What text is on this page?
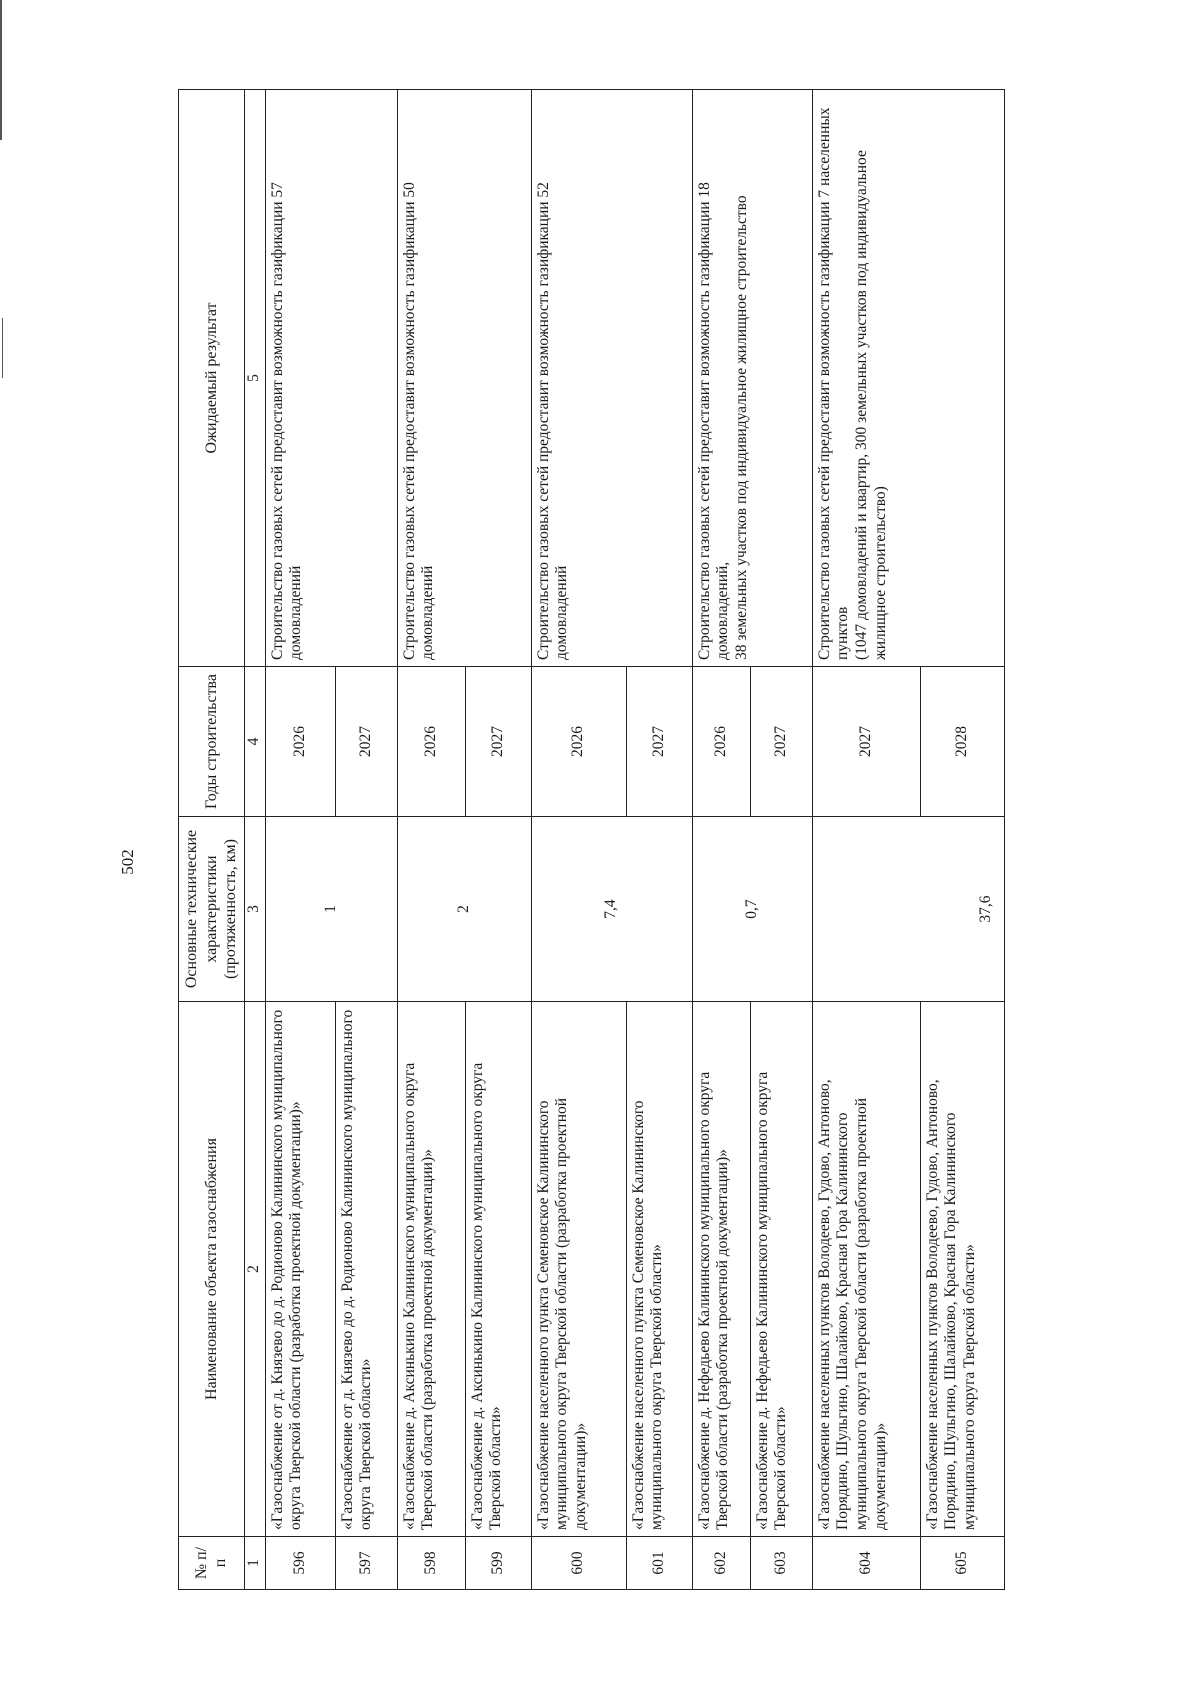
502
№ п/п	Наименование объекта газоснабжения	Основные технические характеристики (протяженность, км)	Годы строительства	Ожидаемый результат
1	2	3	4	5
596	«Газоснабжение от д. Князево до д. Родионово Калининского муниципального округа Тверской области (разработка проектной документации)»	1	2026	Строительство газовых сетей предоставит возможность газификации 57 домовладений
597	«Газоснабжение от д. Князево до д. Родионово Калининского муниципального округа Тверской области»		2027	
598	«Газоснабжение д. Аксинькино Калининского муниципального округа Тверской области (разработка проектной документации)»	2	2026	Строительство газовых сетей предоставит возможность газификации 50 домовладений
599	«Газоснабжение д. Аксинькино Калининского муниципального округа Тверской области»		2027	
600	«Газоснабжение населенного пункта Семеновское Калининского муниципального округа Тверской области (разработка проектной документации)»	7,4	2026	Строительство газовых сетей предоставит возможность газификации 52 домовладений
601	«Газоснабжение населенного пункта Семеновское Калининского муниципального округа Тверской области»		2027	
602	«Газоснабжение д. Нефедьево Калининского муниципального округа Тверской области (разработка проектной документации)»	0,7	2026	Строительство газовых сетей предоставит возможность газификации 18 домовладений, 38 земельных участков под индивидуальное жилищное строительство

603	«Газоснабжение д. Нефедьево Калининского муниципального округа Тверской области»		2027	
604	«Газоснабжение населенных пунктов Володеево, Гудово, Антоново, Порядино, Шульгино, Шалайково, Красная Гора Калининского муниципального округа Тверской области (разработка проектной документации)»	37,6	2027	Строительство газовых сетей предоставит возможность газификации 7 населенных пунктов (1047 домовладений и квартир, 300 земельных участков под индивидуальное жилищное строительство)

605	«Газоснабжение населенных пунктов Володеево, Гудово, Антоново, Порядино, Шульгино, Шалайково, Красная Гора Калининского муниципального округа Тверской области»		2028	
